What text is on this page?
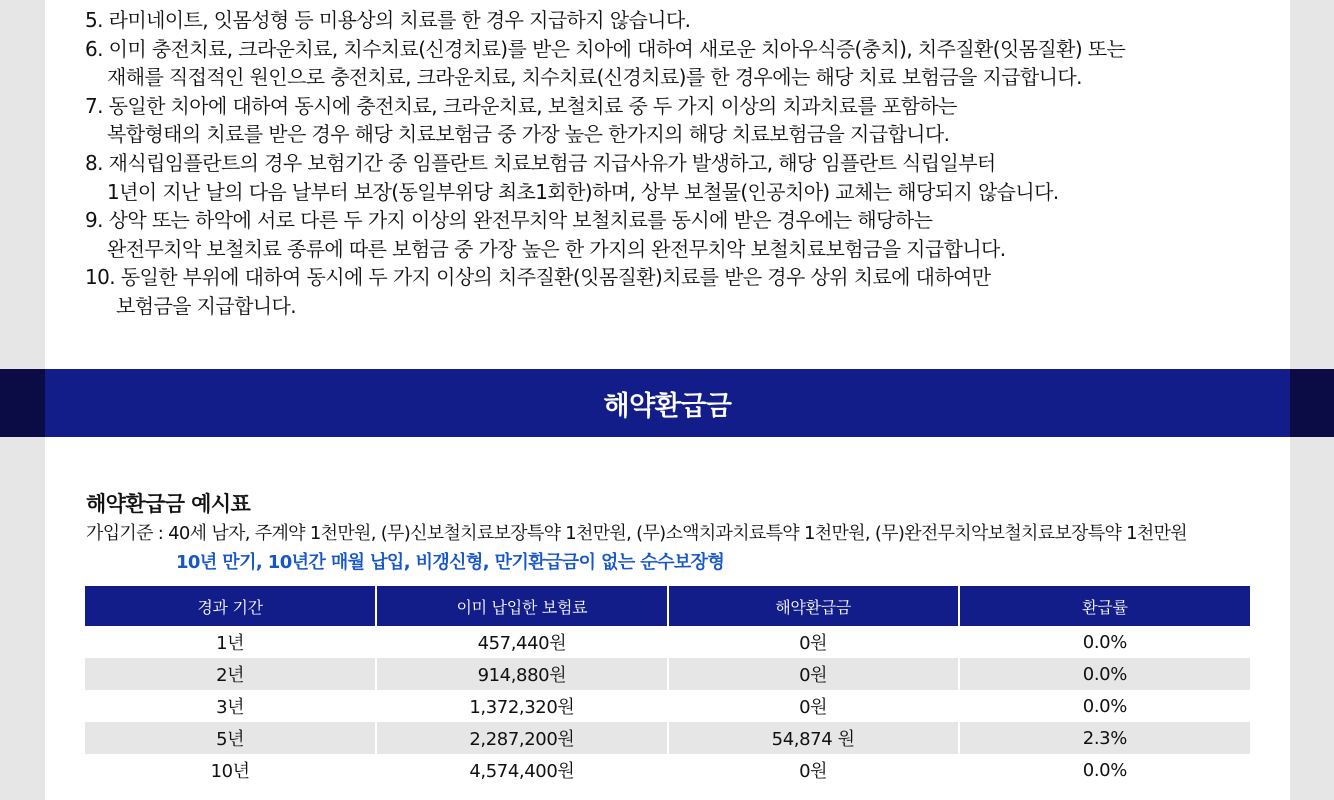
5. 라미네이트, 잇몸성형 등 미용상의 치료를 한 경우 지급하지 않습니다.
6. 이미 충전치료, 크라운치료, 치수치료(신경치료)를 받은 치아에 대하여 새로운 치아우식증(충치), 치주질환(잇몸질환) 또는
재해를 직접적인 원인으로 충전치료, 크라운치료, 치수치료(신경치료)를 한 경우에는 해당 치료 보험금을 지급합니다.
7. 동일한 치아에 대하여 동시에 충전치료, 크라운치료, 보철치료 중 두 가지 이상의 치과치료를 포함하는
복합형태의 치료를 받은 경우 해당 치료보험금 중 가장 높은 한가지의 해당 치료보험금을 지급합니다.
8. 재식립임플란트의 경우 보험기간 중 임플란트 치료보험금 지급사유가 발생하고, 해당 임플란트 식립일부터
1년이 지난 날의 다음 날부터 보장(동일부위당 최초1회한)하며, 상부 보철물(인공치아) 교체는 해당되지 않습니다.
9. 상악 또는 하악에 서로 다른 두 가지 이상의 완전무치악 보철치료를 동시에 받은 경우에는 해당하는
완전무치악 보철치료 종류에 따른 보험금 중 가장 높은 한 가지의 완전무치악 보철치료보험금을 지급합니다.
10. 동일한 부위에 대하여 동시에 두 가지 이상의 치주질환(잇몸질환)치료를 받은 경우 상위 치료에 대하여만
보험금을 지급합니다.
해약환급금
해약환급금 예시표
가입기준 : 40세 남자, 주계약 1천만원, (무)신보철치료보장특약 1천만원, (무)소액치과치료특약 1천만원, (무)완전무치악보철치료보장특약 1천만원
10년 만기, 10년간 매월 납입, 비갱신형, 만기환급금이 없는 순수보장형
경과 기간	이미 납입한 보험료	해약환급금	환급률
1년	457,440원	0원	0.0%
2년	914,880원	0원	0.0%
3년	1,372,320원	0원	0.0%
5년	2,287,200원	54,874 원	2.3%
10년	4,574,400원	0원	0.0%
